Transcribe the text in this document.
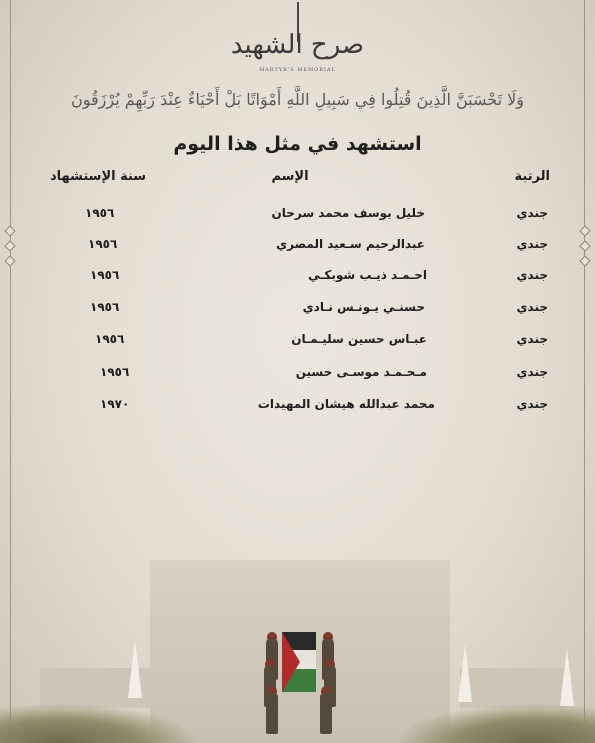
صرح الشهيد
MARTYR'S MEMORIAL
وَلَا تَحْسَبَنَّ الَّذِينَ قُتِلُوا فِي سَبِيلِ اللَّهِ أَمْوَاتًا بَلْ أَحْيَاءٌ عِنْدَ رَبِّهِمْ يُرْزَقُونَ
استشهد في مثل هذا اليوم
الرتبة
الإسم
سنة الإستشهاد
جندي
خليل يوسف محمد سرحان
١٩٥٦
جندي
عبدالرحيم سـعيد المصري
١٩٥٦
جندي
احـمـد ذيـب شوبكـي
١٩٥٦
جندي
حسنـي يـونـس نـادي
١٩٥٦
جندي
عبـاس حسين سليـمـان
١٩٥٦
جندي
مـحـمـد موسـى حسين
١٩٥٦
جندي
محمد عبدالله هيشان المهيدات
١٩٧٠
